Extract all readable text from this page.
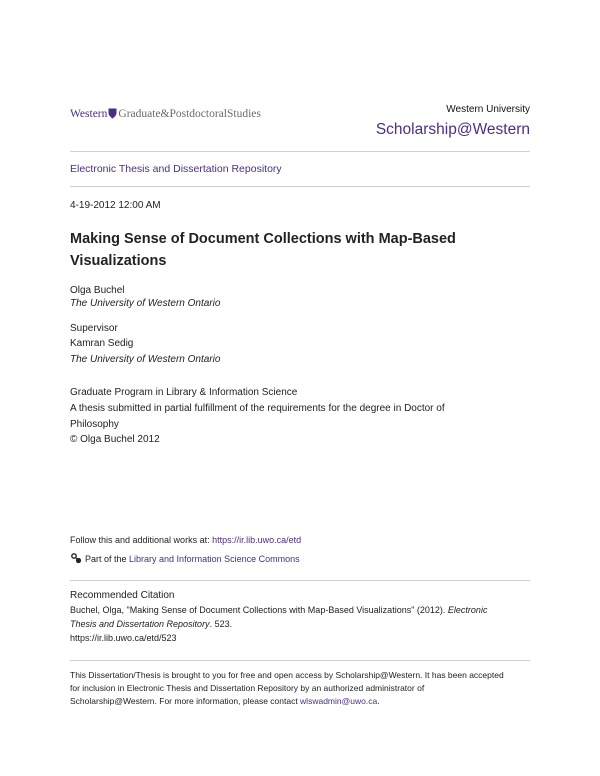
Western Graduate&PostdoctoralStudies	Western University
Scholarship@Western
Electronic Thesis and Dissertation Repository
4-19-2012 12:00 AM
Making Sense of Document Collections with Map-Based Visualizations
Olga Buchel
The University of Western Ontario
Supervisor
Kamran Sedig
The University of Western Ontario
Graduate Program in Library & Information Science
A thesis submitted in partial fulfillment of the requirements for the degree in Doctor of
Philosophy
© Olga Buchel 2012
Follow this and additional works at: https://ir.lib.uwo.ca/etd
Part of the Library and Information Science Commons
Recommended Citation
Buchel, Olga, "Making Sense of Document Collections with Map-Based Visualizations" (2012). Electronic
Thesis and Dissertation Repository. 523.
https://ir.lib.uwo.ca/etd/523
This Dissertation/Thesis is brought to you for free and open access by Scholarship@Western. It has been accepted
for inclusion in Electronic Thesis and Dissertation Repository by an authorized administrator of
Scholarship@Western. For more information, please contact wlswadmin@uwo.ca.
